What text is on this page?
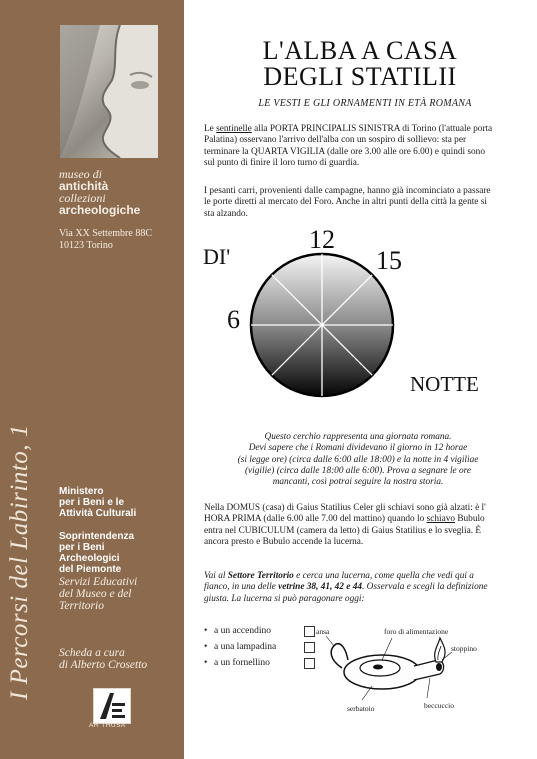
museo di
antichità
collezioni
archeologiche
Via XX Settembre 88C
10123 Torino
I Percorsi del Labirinto, 1	Ministero
per i Beni e le
Attività Culturali
Soprintendenza
per i Beni
Archeologici
del Piemonte
Servizi Educativi
del Museo e del
Territorio
Scheda a cura
di Alberto Crosetto
AR THUSA
L'ALBA A CASA
DEGLI STATILII
LE VESTI E GLI ORNAMENTI IN ETÀ ROMANA
Le sentinelle alla PORTA PRINCIPALIS SINISTRA di Torino (l'attuale porta Palatina) osservano l'arrivo dell'alba con un sospiro di sollievo: sta per terminare la QUARTA VIGILIA (dalle ore 3.00 alle ore 6.00) e quindi sono sul punto di finire il loro turno di guardia.
I pesanti carri, provenienti dalle campagne, hanno già incominciato a passare le porte diretti al mercato del Foro. Anche in altri punti della città la gente si sta alzando.
DI'
12
15
6
NOTTE
Questo cerchio rappresenta una giornata romana.
Devi sapere che i Romani dividevano il giorno in 12 horae
(si legge ore) (circa dalle 6:00 alle 18:00) e la notte in 4 vigiliae
(vigilie) (circa dalle 18:00 alle 6:00). Prova a segnare le ore
mancanti, così potrai seguire la nostra storia.
Nella DOMUS (casa) di Gaius Statilius Celer gli schiavi sono già alzati: è l' HORA PRIMA (dalle 6.00 alle 7.00 del mattino) quando lo schiavo Bubulo entra nel CUBICULUM (camera da letto) di Gaius Statilius e lo sveglia. È ancora presto e Bubulo accende la lucerna.
Vai al Settore Territorio e cerca una lucerna, come quella che vedi qui a fianco, in una delle vetrine 38, 41, 42 e 44. Osservala e scegli la definizione giusta. La lucerna si può paragonare oggi:
• a un accendino
• a una lampadina
• a un fornellino
ansa	foro di alimentazione
stoppino
serbatoio	beccuccio
